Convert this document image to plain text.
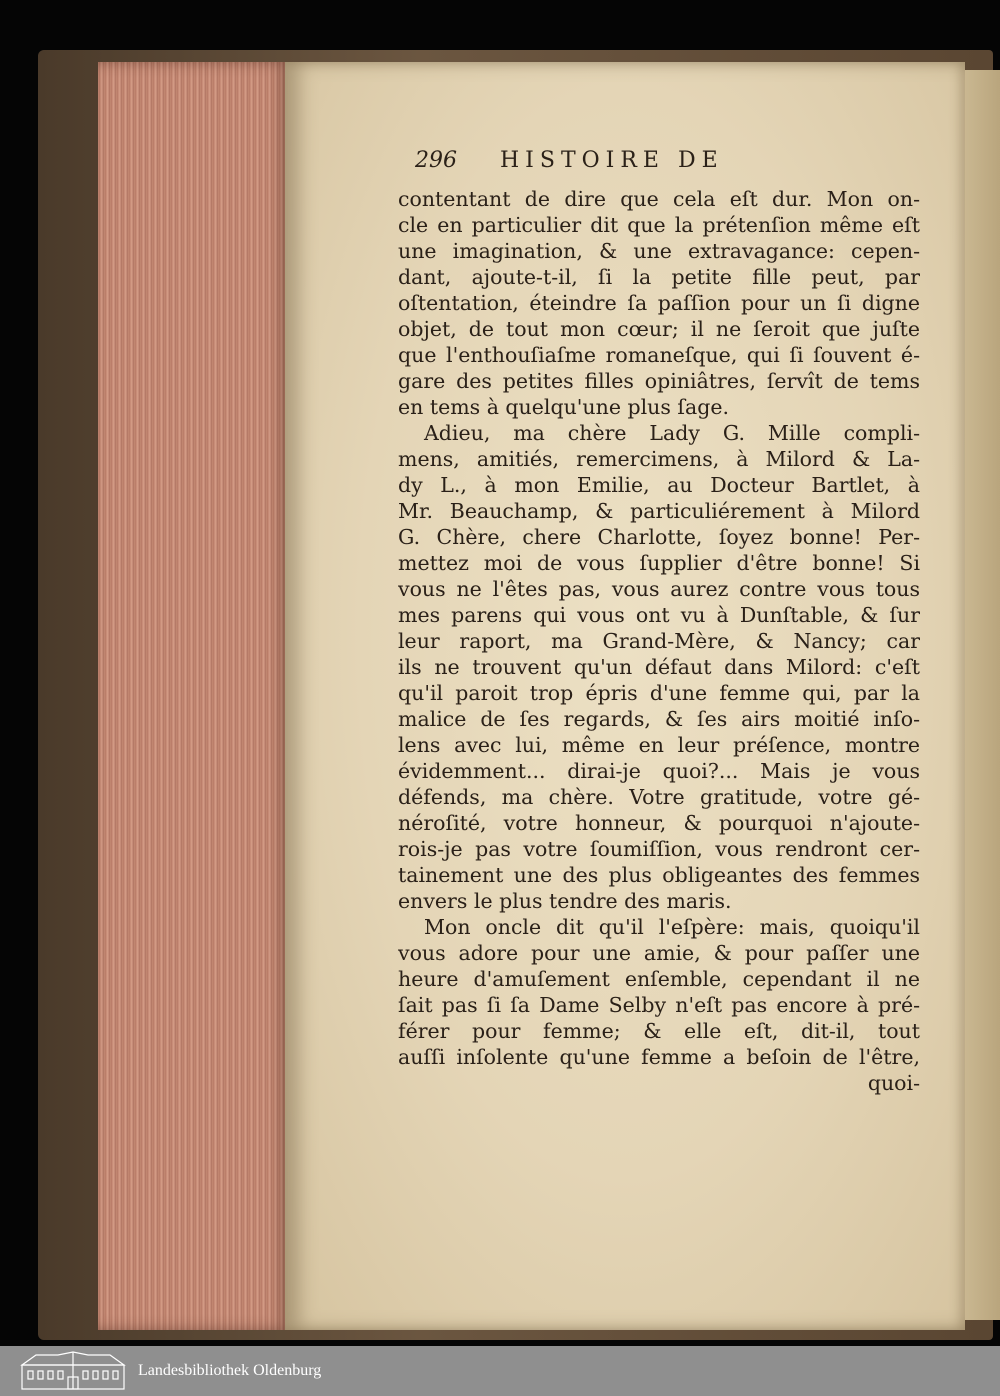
296 HISTOIRE DE
contentant de dire que cela eſt dur. Mon on-
cle en particulier dit que la prétenſion même eſt
une imagination, & une extravagance: cepen-
dant, ajoute-t-il, ſi la petite fille peut, par
oſtentation, éteindre ſa paſſion pour un ſi digne
objet, de tout mon cœur; il ne ſeroit que juſte
que l'enthouſiaſme romaneſque, qui ſi ſouvent é-
gare des petites filles opiniâtres, ſervît de tems
en tems à quelqu'une plus ſage.
Adieu, ma chère Lady G. Mille compli-
mens, amitiés, remercimens, à Milord & La-
dy L., à mon Emilie, au Docteur Bartlet, à
Mr. Beauchamp, & particuliérement à Milord
G. Chère, chere Charlotte, ſoyez bonne! Per-
mettez moi de vous ſupplier d'être bonne! Si
vous ne l'êtes pas, vous aurez contre vous tous
mes parens qui vous ont vu à Dunſtable, & ſur
leur raport, ma Grand-Mère, & Nancy; car
ils ne trouvent qu'un défaut dans Milord: c'eſt
qu'il paroit trop épris d'une femme qui, par la
malice de ſes regards, & ſes airs moitié inſo-
lens avec lui, même en leur préſence, montre
évidemment... dirai-je quoi?... Mais je vous
défends, ma chère. Votre gratitude, votre gé-
néroſité, votre honneur, & pourquoi n'ajoute-
rois-je pas votre ſoumiſſion, vous rendront cer-
tainement une des plus obligeantes des femmes
envers le plus tendre des maris.
Mon oncle dit qu'il l'eſpère: mais, quoiqu'il
vous adore pour une amie, & pour paſſer une
heure d'amuſement enſemble, cependant il ne
ſait pas ſi ſa Dame Selby n'eſt pas encore à pré-
férer pour femme; & elle eſt, dit-il, tout
auſſi inſolente qu'une femme a beſoin de l'être,
quoi-
Landesbibliothek Oldenburg
